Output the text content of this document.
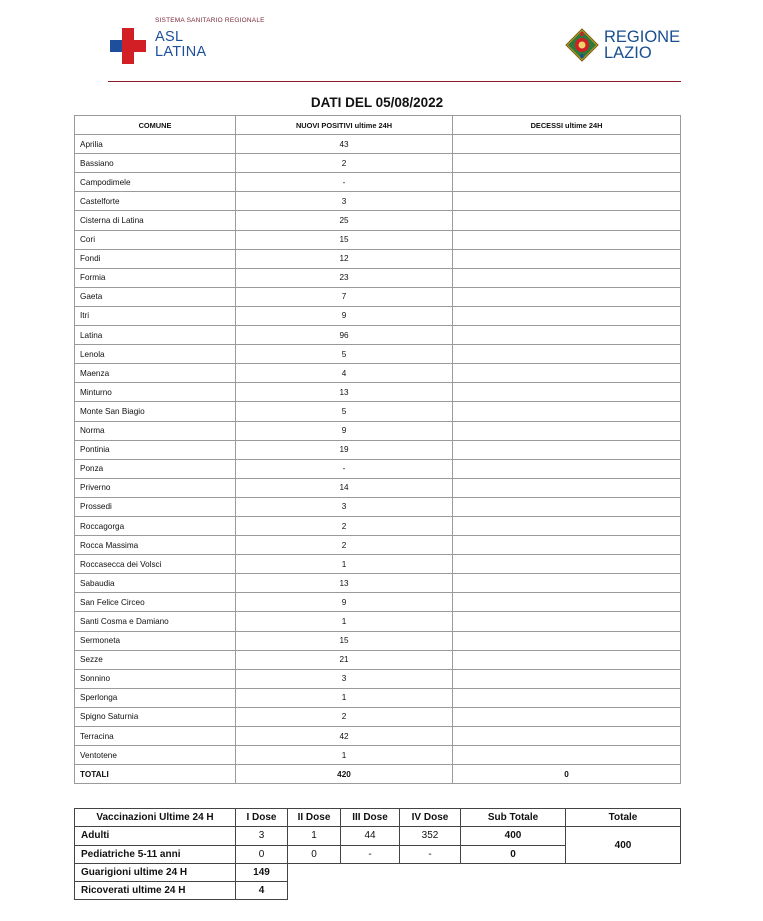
SISTEMA SANITARIO REGIONALE
ASL
LATINA
REGIONE
LAZIO
DATI DEL 05/08/2022
COMUNE	NUOVI POSITIVI ultime 24H	DECESSI ultime 24H
Aprilia	43	
Bassiano	2	
Campodimele	-	
Castelforte	3	
Cisterna di Latina	25	
Cori	15	
Fondi	12	
Formia	23	
Gaeta	7	
Itri	9	
Latina	96	
Lenola	5	
Maenza	4	
Minturno	13	
Monte San Biagio	5	
Norma	9	
Pontinia	19	
Ponza	-	
Priverno	14	
Prossedi	3	
Roccagorga	2	
Rocca Massima	2	
Roccasecca dei Volsci	1	
Sabaudia	13	
San Felice Circeo	9	
Santi Cosma e Damiano	1	
Sermoneta	15	
Sezze	21	
Sonnino	3	
Sperlonga	1	
Spigno Saturnia	2	
Terracina	42	
Ventotene	1	
TOTALI	420	0
Vaccinazioni Ultime 24 H	I Dose	II Dose	III Dose	IV Dose	Sub Totale	Totale
Adulti	3	1	44	352	400	400
Pediatriche 5-11 anni	0	0	-	-	0	
Guarigioni ultime 24 H	149					
Ricoverati ultime 24 H	4					
